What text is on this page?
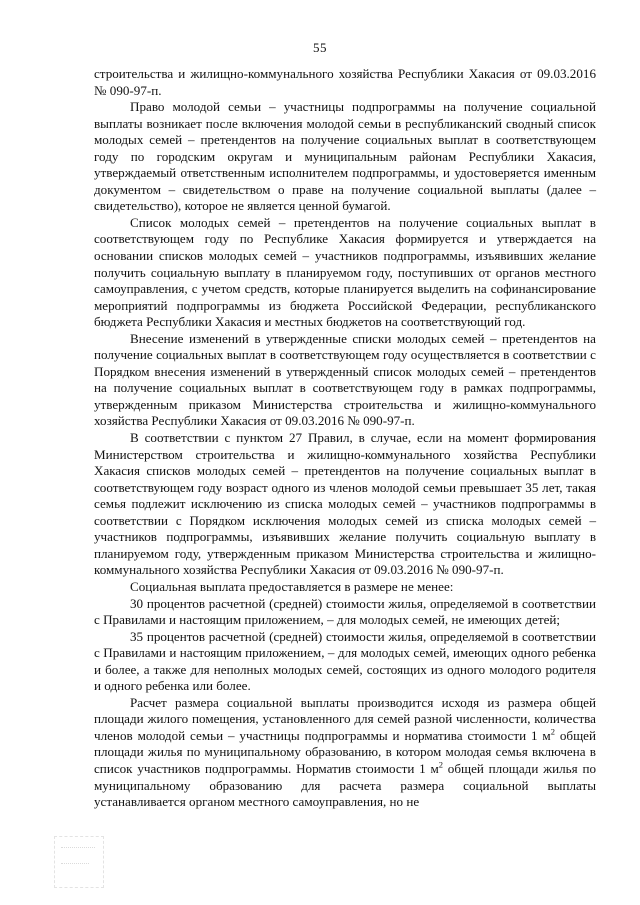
55

строительства и жилищно-коммунального хозяйства Республики Хакасия от 09.03.2016 № 090-97-п.

Право молодой семьи – участницы подпрограммы на получение социальной выплаты возникает после включения молодой семьи в республиканский сводный список молодых семей – претендентов на получение социальных выплат в соответствующем году по городским округам и муниципальным районам Республики Хакасия, утверждаемый ответственным исполнителем подпрограммы, и удостоверяется именным документом – свидетельством о праве на получение социальной выплаты (далее – свидетельство), которое не является ценной бумагой.

Список молодых семей – претендентов на получение социальных выплат в соответствующем году по Республике Хакасия формируется и утверждается на основании списков молодых семей – участников подпрограммы, изъявивших желание получить социальную выплату в планируемом году, поступивших от органов местного самоуправления, с учетом средств, которые планируется выделить на софинансирование мероприятий подпрограммы из бюджета Российской Федерации, республиканского бюджета Республики Хакасия и местных бюджетов на соответствующий год.

Внесение изменений в утвержденные списки молодых семей – претендентов на получение социальных выплат в соответствующем году осуществляется в соответствии с Порядком внесения изменений в утвержденный список молодых семей – претендентов на получение социальных выплат в соответствующем году в рамках подпрограммы, утвержденным приказом Министерства строительства и жилищно-коммунального хозяйства Республики Хакасия от 09.03.2016 № 090-97-п.

В соответствии с пунктом 27 Правил, в случае, если на момент формирования Министерством строительства и жилищно-коммунального хозяйства Республики Хакасия списков молодых семей – претендентов на получение социальных выплат в соответствующем году возраст одного из членов молодой семьи превышает 35 лет, такая семья подлежит исключению из списка молодых семей – участников подпрограммы в соответствии с Порядком исключения молодых семей из списка молодых семей – участников подпрограммы, изъявивших желание получить социальную выплату в планируемом году, утвержденным приказом Министерства строительства и жилищно-коммунального хозяйства Республики Хакасия от 09.03.2016 № 090-97-п.

Социальная выплата предоставляется в размере не менее:

30 процентов расчетной (средней) стоимости жилья, определяемой в соответствии с Правилами и настоящим приложением, – для молодых семей, не имеющих детей;

35 процентов расчетной (средней) стоимости жилья, определяемой в соответствии с Правилами и настоящим приложением, – для молодых семей, имеющих одного ребенка и более, а также для неполных молодых семей, состоящих из одного молодого родителя и одного ребенка или более.

Расчет размера социальной выплаты производится исходя из размера общей площади жилого помещения, установленного для семей разной численности, количества членов молодой семьи – участницы подпрограммы и норматива стоимости 1 $м^2$ общей площади жилья по муниципальному образованию, в котором молодая семья включена в список участников подпрограммы. Норматив стоимости 1 $м^2$ общей площади жилья по муниципальному образованию для расчета размера социальной выплаты устанавливается органом местного самоуправления, но не
